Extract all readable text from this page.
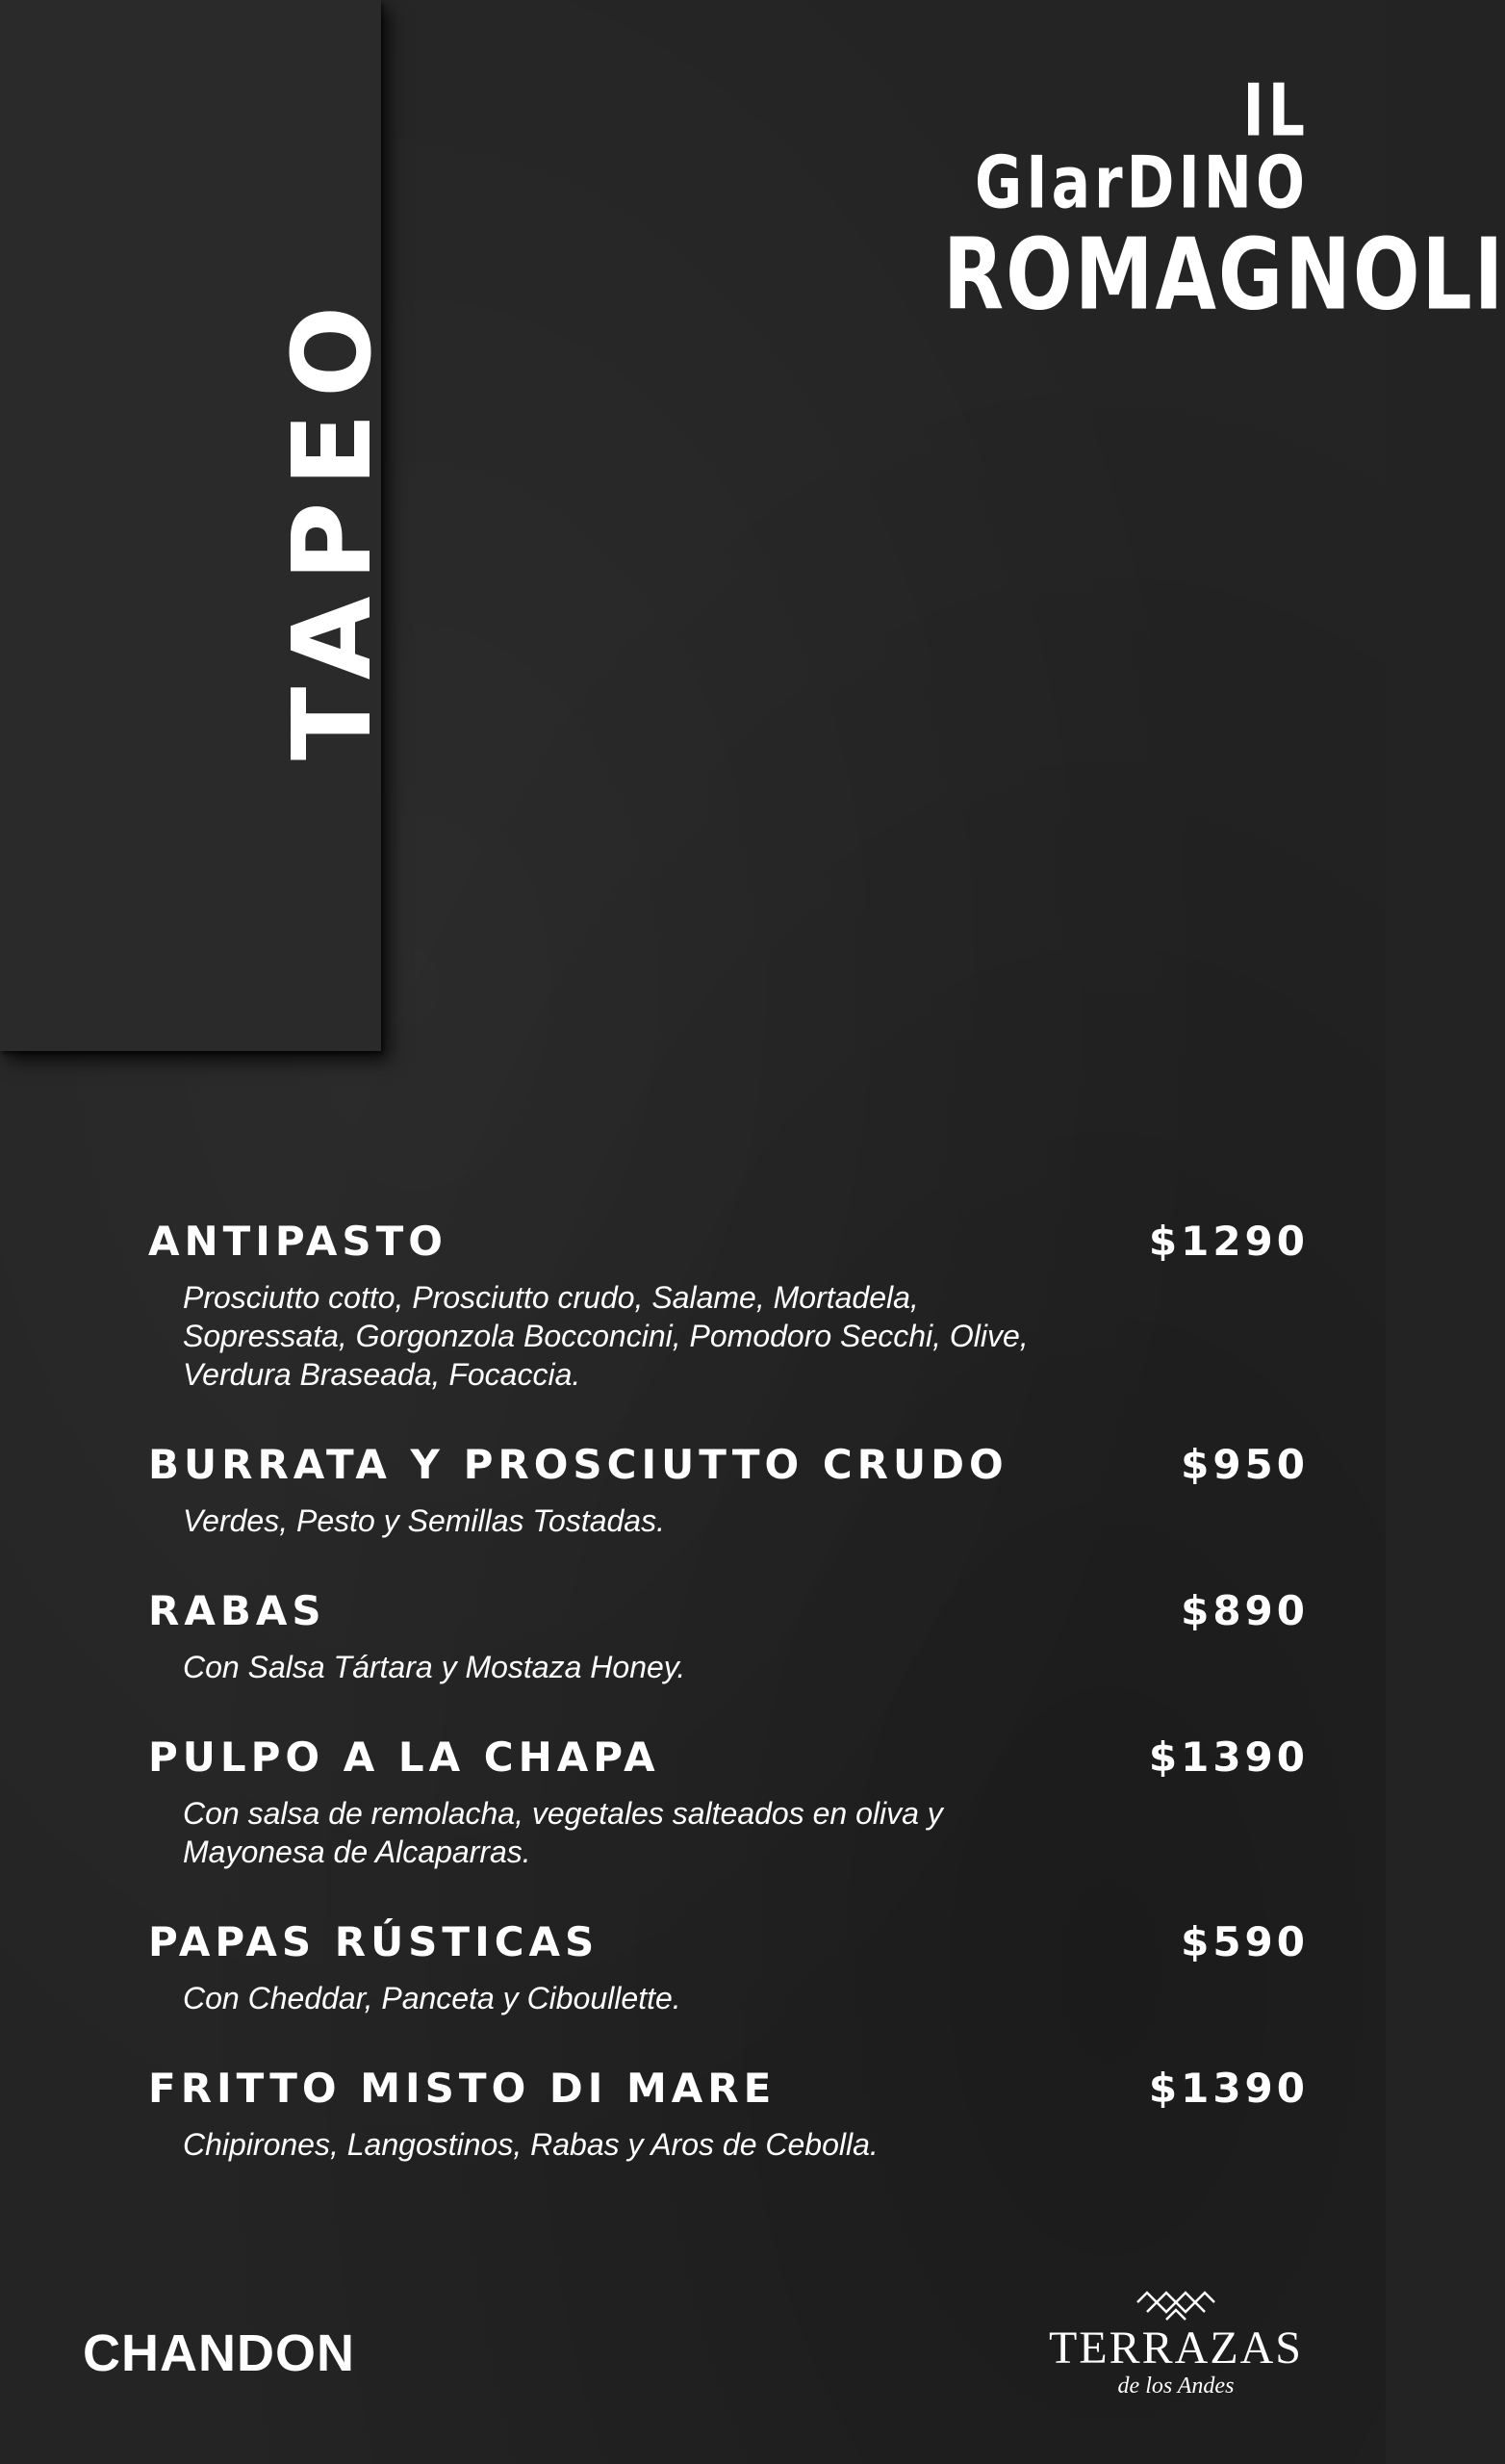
TAPEO
IL GIarDINO
ROMAGNOLI
ANTIPASTO	$1290
Prosciutto cotto, Prosciutto crudo, Salame, Mortadela,
Sopressata, Gorgonzola Bocconcini, Pomodoro Secchi, Olive,
Verdura Braseada, Focaccia.
BURRATA Y PROSCIUTTO CRUDO	$950
Verdes, Pesto y Semillas Tostadas.
RABAS	$890
Con Salsa Tártara y Mostaza Honey.
PULPO A LA CHAPA	$1390
Con salsa de remolacha, vegetales salteados en oliva y
Mayonesa de Alcaparras.
PAPAS RÚSTICAS	$590
Con Cheddar, Panceta y Ciboullette.
FRITTO MISTO DI MARE	$1390
Chipirones, Langostinos, Rabas y Aros de Cebolla.
CHANDON	TERRAZAS
de los Andes
